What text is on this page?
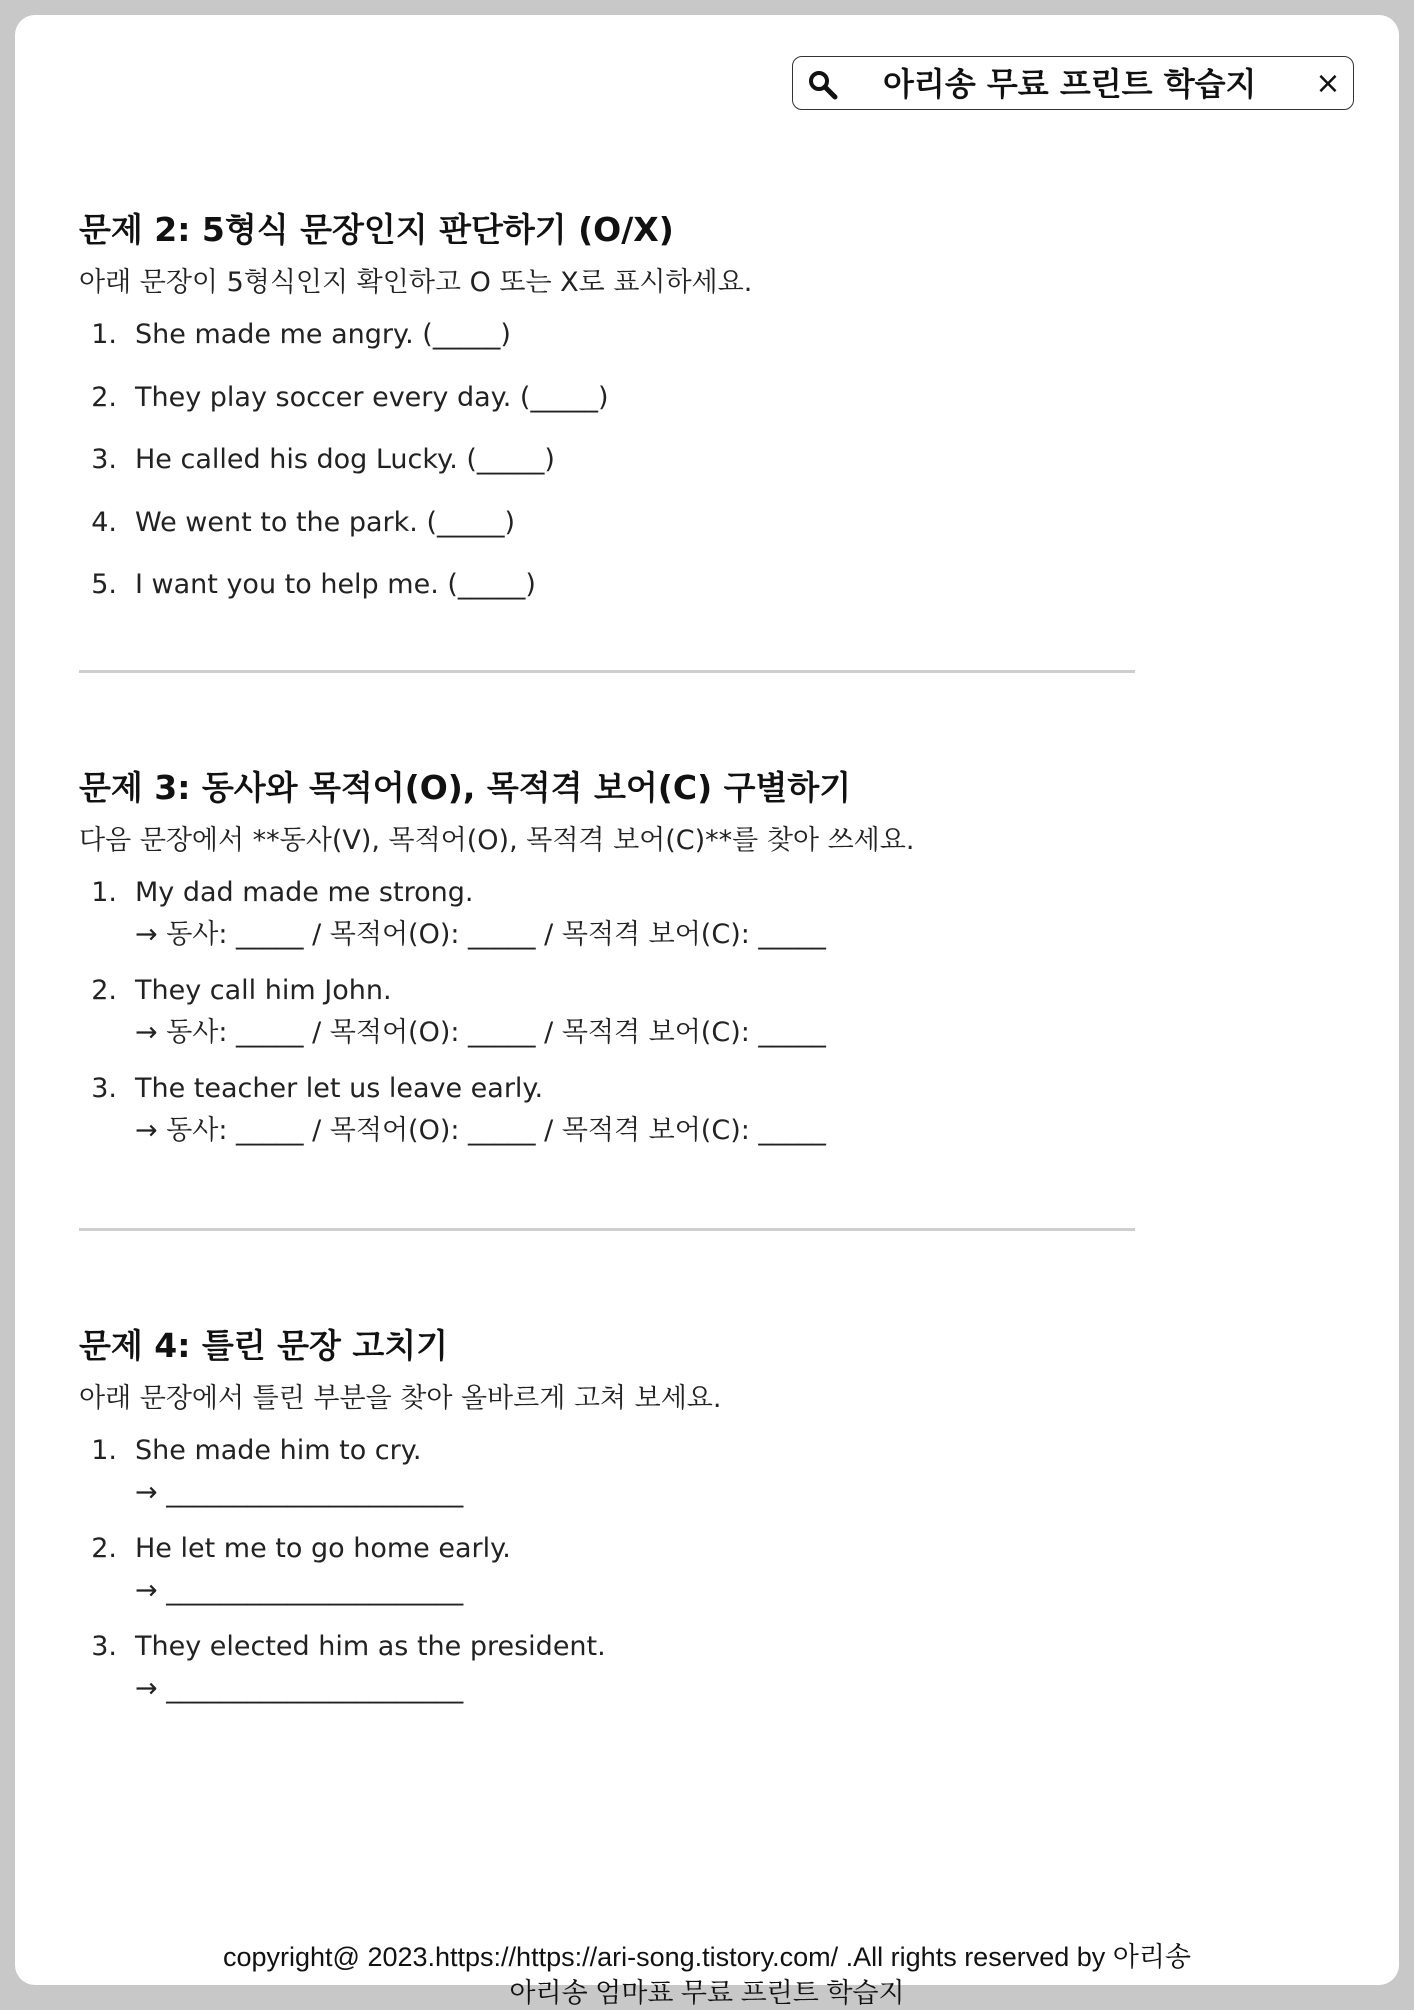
아리송 무료 프린트 학습지 ×
문제 2: 5형식 문장인지 판단하기 (O/X)
아래 문장이 5형식인지 확인하고 O 또는 X로 표시하세요.
1. She made me angry. (_____)
2. They play soccer every day. (_____)
3. He called his dog Lucky. (_____)
4. We went to the park. (_____)
5. I want you to help me. (_____)
문제 3: 동사와 목적어(O), 목적격 보어(C) 구별하기
다음 문장에서 **동사(V), 목적어(O), 목적격 보어(C)**를 찾아 쓰세요.
1. My dad made me strong.
→ 동사: _____ / 목적어(O): _____ / 목적격 보어(C): _____
2. They call him John.
→ 동사: _____ / 목적어(O): _____ / 목적격 보어(C): _____
3. The teacher let us leave early.
→ 동사: _____ / 목적어(O): _____ / 목적격 보어(C): _____
문제 4: 틀린 문장 고치기
아래 문장에서 틀린 부분을 찾아 올바르게 고쳐 보세요.
1. She made him to cry.
→ ______________________
2. He let me to go home early.
→ ______________________
3. They elected him as the president.
→ ______________________
copyright@ 2023.https://https://ari-song.tistory.com/ .All rights reserved by 아리송
아리송 엄마표 무료 프린트 학습지
